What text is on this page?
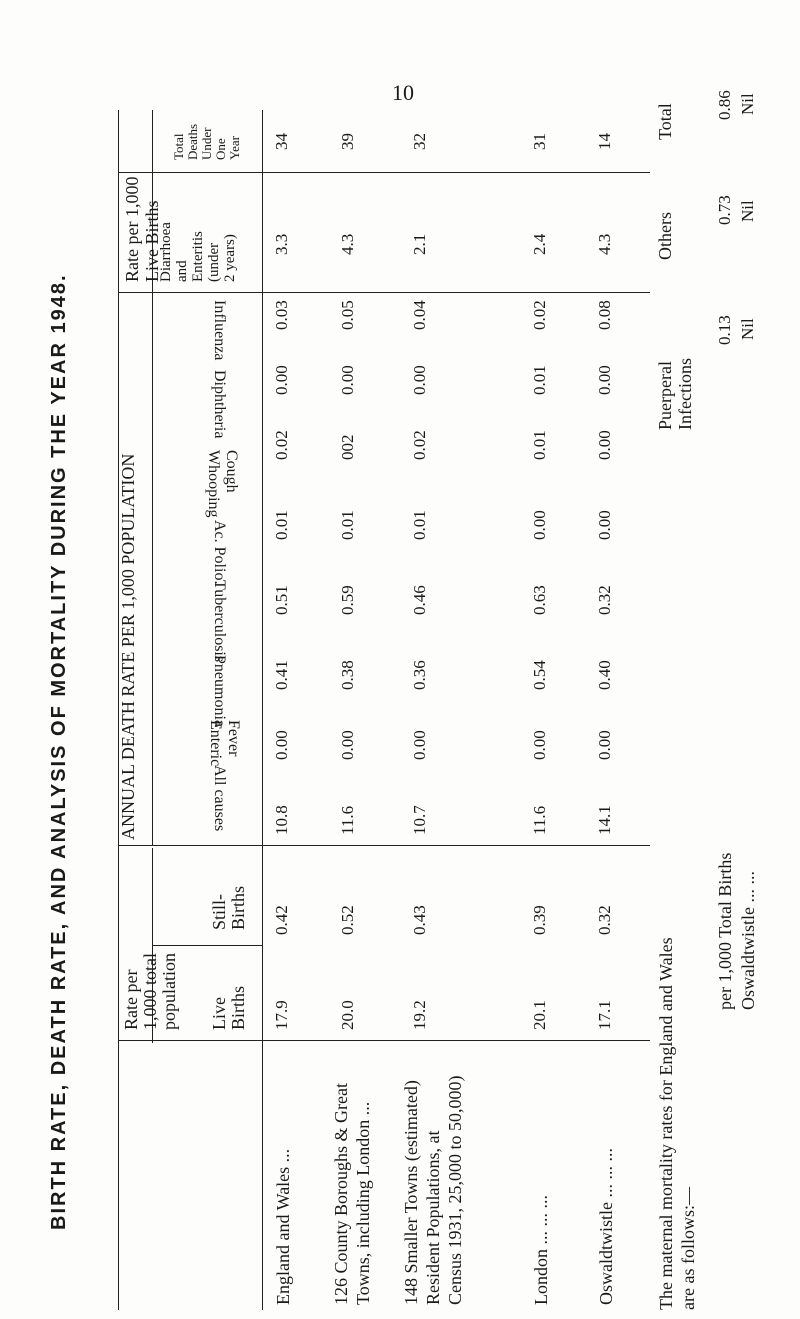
BIRTH RATE, DEATH RATE, AND ANALYSIS OF MORTALITY DURING THE YEAR 1948.
10
Rate per 1,000 Live Births
Diarrhoea and Enteritis (under 2 years)
Total Deaths Under One Year
ANNUAL DEATH RATE PER 1,000 POPULATION
Influenza
Diphtheria
Cough
Whooping
Ac. Polio.
Tuberculosis
Pneumonia
Fever
Enteric
All causes
Rate per 1,000 total population Live Births
Still- Births
England and Wales ...
17.9
0.42
10.8
0.00
0.41
0.51
0.01
0.02
0.00
0.03
3.3
34
126 County Boroughs & Great Towns, including London ...
20.0
0.52
11.6
0.00
0.38
0.59
0.01
002
0.00
0.05
4.3
39
148 Smaller Towns (estimated) Resident Populations, at Census 1931, 25,000 to 50,000)
19.2
0.43
10.7
0.00
0.36
0.46
0.01
0.02
0.00
0.04
2.1
32
London ... ... ...
20.1
0.39
11.6
0.00
0.54
0.63
0.00
0.01
0.01
0.02
2.4
31
Oswaldtwistle ... ... ...
17.1
0.32
14.1
0.00
0.40
0.32
0.00
0.00
0.00
0.08
4.3
14
The maternal mortality rates for England and Wales are as follows:—
per 1,000 Total Births Oswaldtwistle ... ...
Puerperal Infections
Others
Total
0.13
0.73
0.86
Nil
Nil
Nil
